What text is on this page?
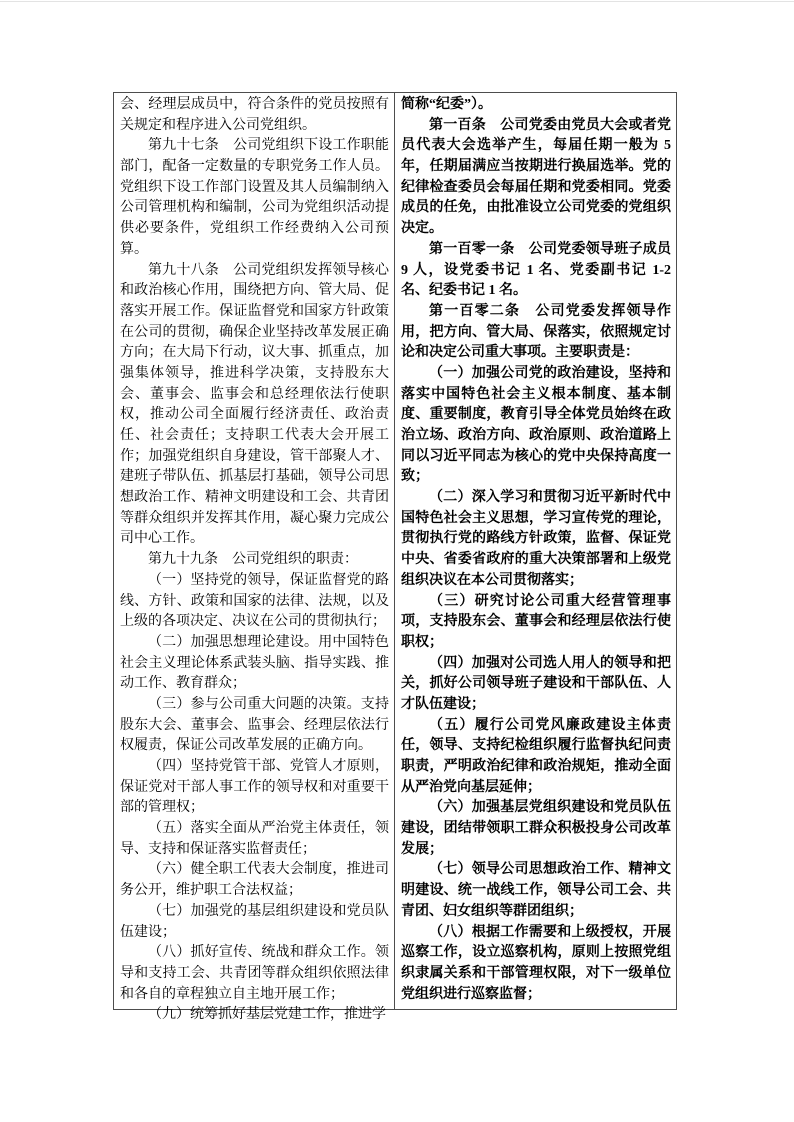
会、经理层成员中，符合条件的党员按照有关规定和程序进入公司党组织。

第九十七条　公司党组织下设工作职能部门，配备一定数量的专职党务工作人员。党组织下设工作部门设置及其人员编制纳入公司管理机构和编制，公司为党组织活动提供必要条件，党组织工作经费纳入公司预算。

第九十八条　公司党组织发挥领导核心和政治核心作用，围绕把方向、管大局、促落实开展工作。保证监督党和国家方针政策在公司的贯彻，确保企业坚持改革发展正确方向；在大局下行动，议大事、抓重点，加强集体领导，推进科学决策，支持股东大会、董事会、监事会和总经理依法行使职权，推动公司全面履行经济责任、政治责任、社会责任；支持职工代表大会开展工作；加强党组织自身建设，管干部聚人才、建班子带队伍、抓基层打基础，领导公司思想政治工作、精神文明建设和工会、共青团等群众组织并发挥其作用，凝心聚力完成公司中心工作。

第九十九条　公司党组织的职责：

（一）坚持党的领导，保证监督党的路线、方针、政策和国家的法律、法规，以及上级的各项决定、决议在公司的贯彻执行；

（二）加强思想理论建设。用中国特色社会主义理论体系武装头脑、指导实践、推动工作、教育群众；

（三）参与公司重大问题的决策。支持股东大会、董事会、监事会、经理层依法行权履责，保证公司改革发展的正确方向。

（四）坚持党管干部、党管人才原则，保证党对干部人事工作的领导权和对重要干部的管理权；

（五）落实全面从严治党主体责任，领导、支持和保证落实监督责任；

（六）健全职工代表大会制度，推进司务公开，维护职工合法权益；

（七）加强党的基层组织建设和党员队伍建设；

（八）抓好宣传、统战和群众工作。领导和支持工会、共青团等群众组织依照法律和各自的章程独立自主地开展工作；

（九）统筹抓好基层党建工作，推进学

简称“纪委”）。

第一百条　公司党委由党员大会或者党员代表大会选举产生，每届任期一般为 5 年，任期届满应当按期进行换届选举。党的纪律检查委员会每届任期和党委相同。党委成员的任免，由批准设立公司党委的党组织决定。

第一百零一条　公司党委领导班子成员 9 人，设党委书记 1 名、党委副书记 1-2 名、纪委书记 1 名。

第一百零二条　公司党委发挥领导作用，把方向、管大局、保落实，依照规定讨论和决定公司重大事项。主要职责是：

（一）加强公司党的政治建设，坚持和落实中国特色社会主义根本制度、基本制度、重要制度，教育引导全体党员始终在政治立场、政治方向、政治原则、政治道路上同以习近平同志为核心的党中央保持高度一致；

（二）深入学习和贯彻习近平新时代中国特色社会主义思想，学习宣传党的理论，贯彻执行党的路线方针政策，监督、保证党中央、省委省政府的重大决策部署和上级党组织决议在本公司贯彻落实；

（三）研究讨论公司重大经营管理事项，支持股东会、董事会和经理层依法行使职权；

（四）加强对公司选人用人的领导和把关，抓好公司领导班子建设和干部队伍、人才队伍建设；

（五）履行公司党风廉政建设主体责任，领导、支持纪检组织履行监督执纪问责职责，严明政治纪律和政治规矩，推动全面从严治党向基层延伸；

（六）加强基层党组织建设和党员队伍建设，团结带领职工群众积极投身公司改革发展；

（七）领导公司思想政治工作、精神文明建设、统一战线工作，领导公司工会、共青团、妇女组织等群团组织；

（八）根据工作需要和上级授权，开展巡察工作，设立巡察机构，原则上按照党组织隶属关系和干部管理权限，对下一级单位党组织进行巡察监督；
